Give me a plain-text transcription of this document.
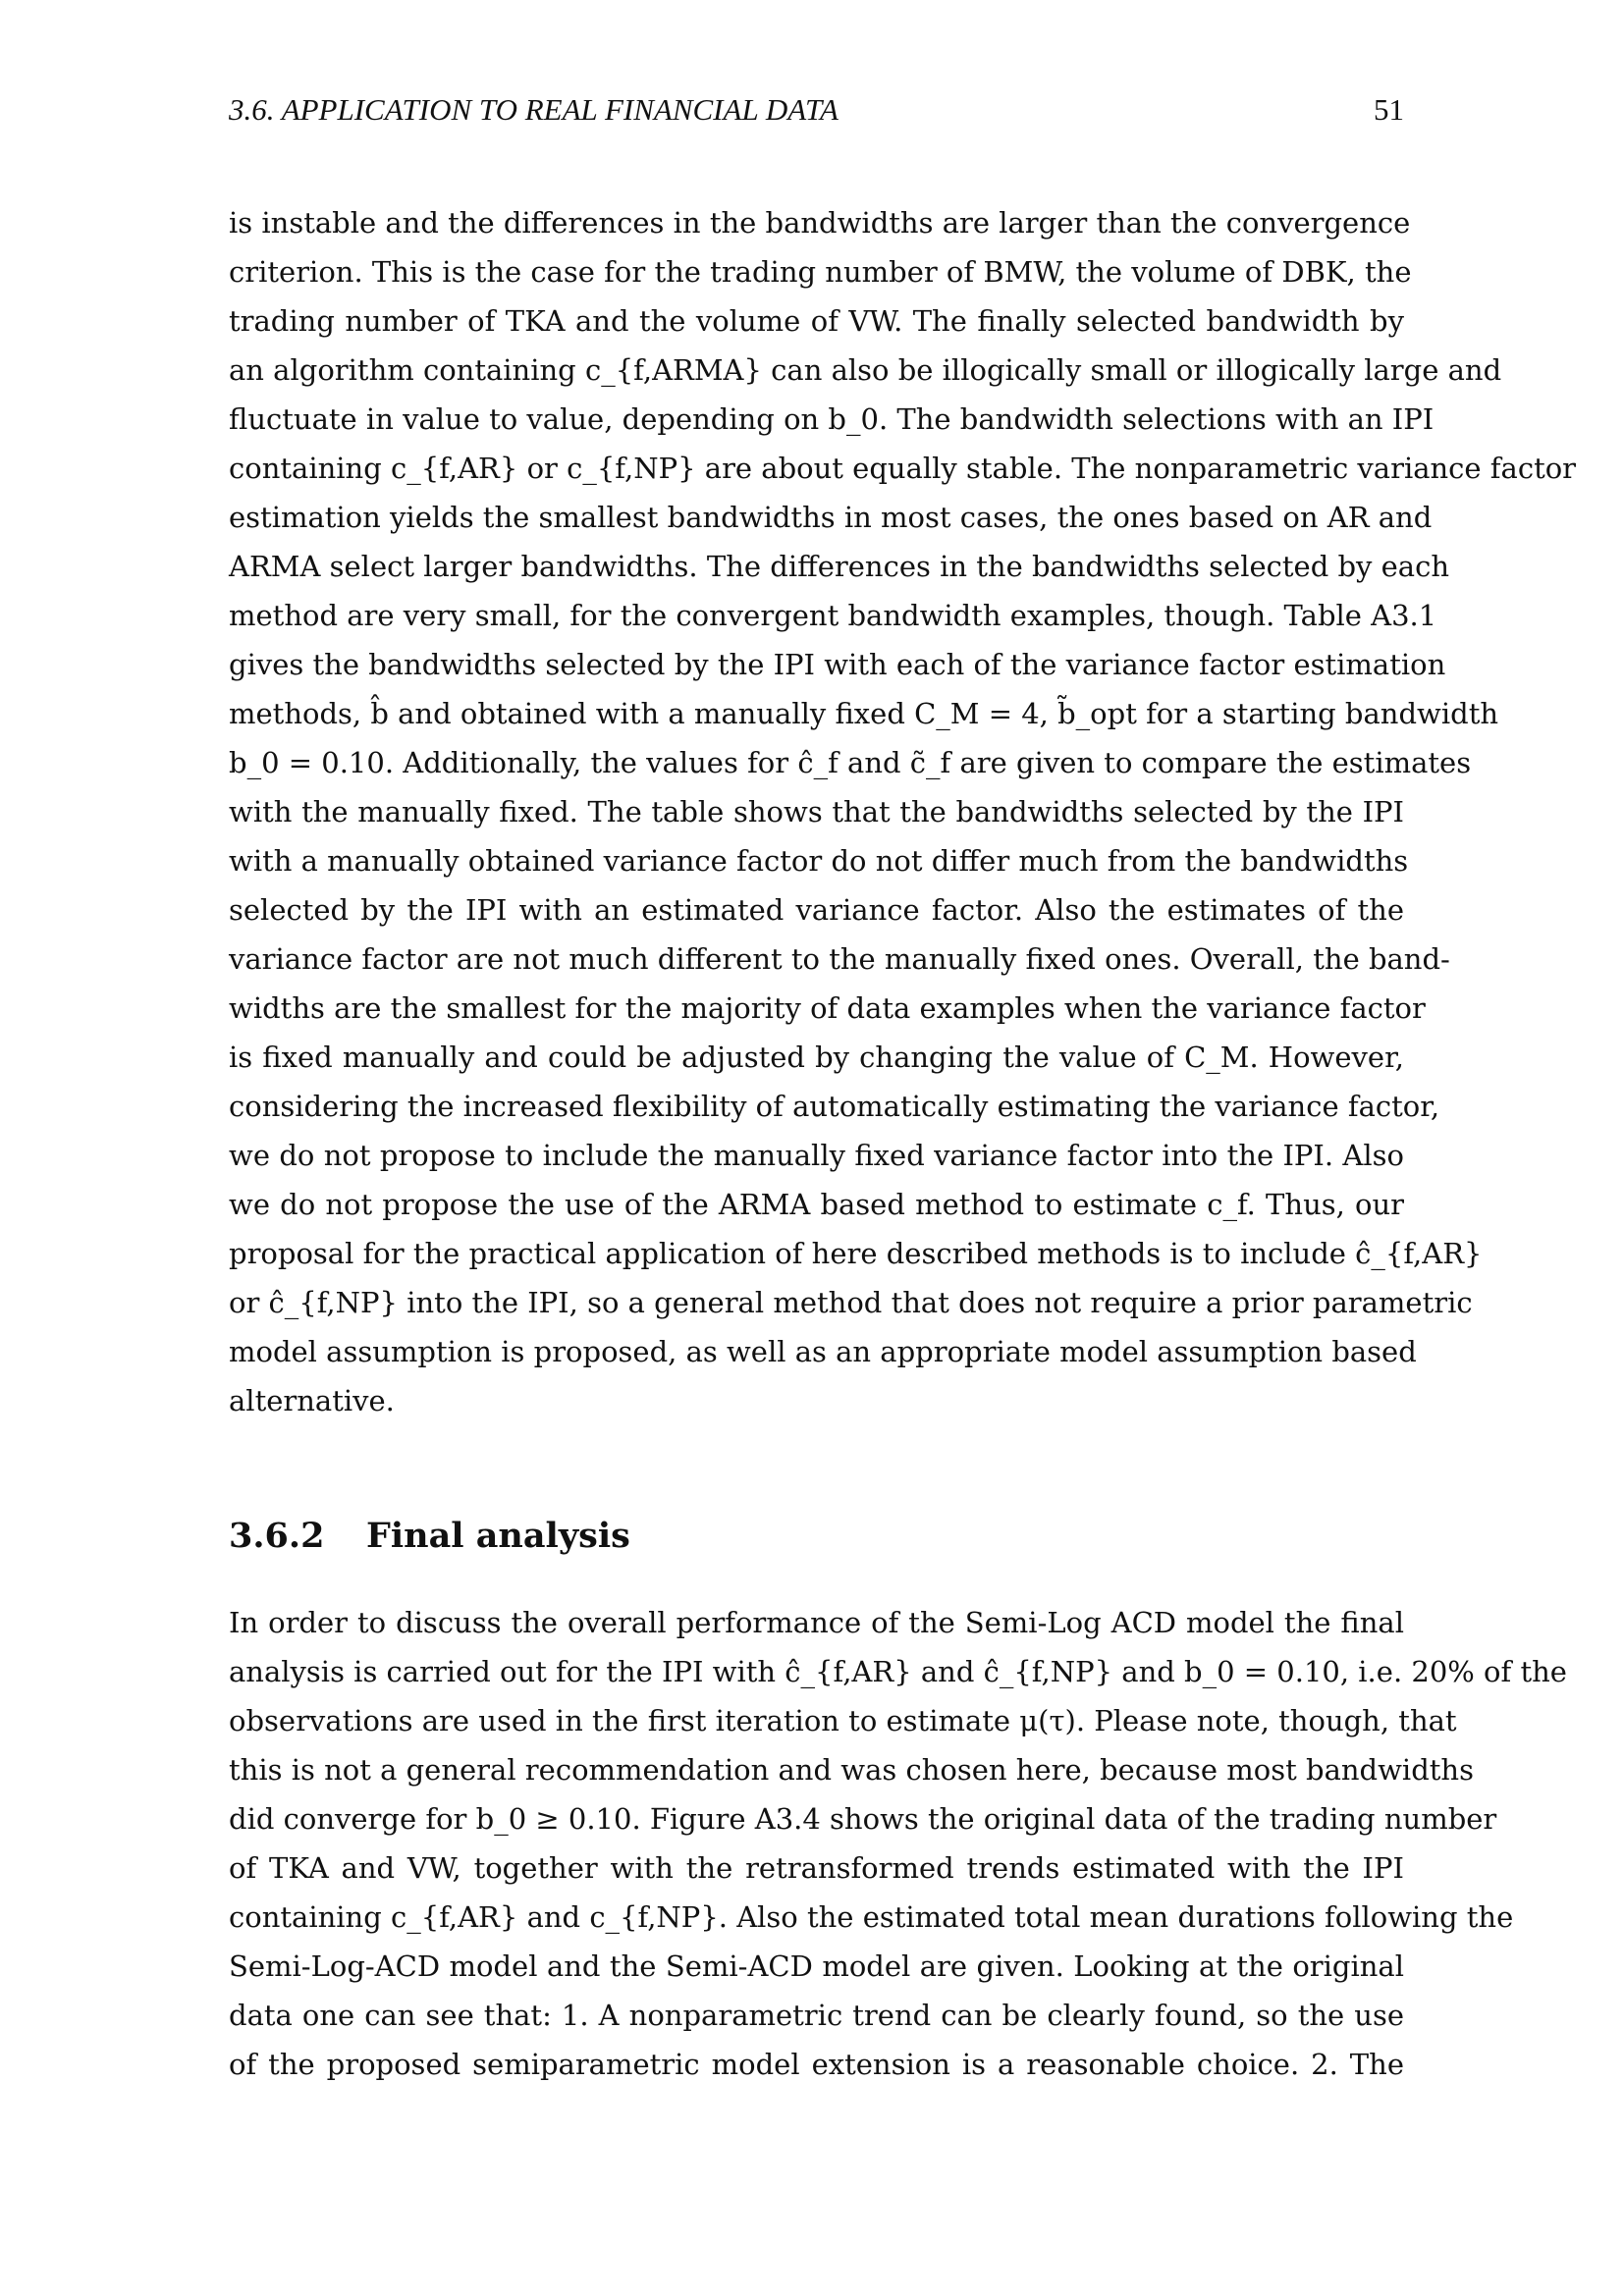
3.6. APPLICATION TO REAL FINANCIAL DATA	51
is instable and the differences in the bandwidths are larger than the convergence
criterion. This is the case for the trading number of BMW, the volume of DBK, the
trading number of TKA and the volume of VW. The finally selected bandwidth by
an algorithm containing c_{f,ARMA} can also be illogically small or illogically large and
fluctuate in value to value, depending on b_0. The bandwidth selections with an IPI
containing c_{f,AR} or c_{f,NP} are about equally stable. The nonparametric variance factor
estimation yields the smallest bandwidths in most cases, the ones based on AR and
ARMA select larger bandwidths. The differences in the bandwidths selected by each
method are very small, for the convergent bandwidth examples, though. Table A3.1
gives the bandwidths selected by the IPI with each of the variance factor estimation
methods, b̂ and obtained with a manually fixed C_M = 4, b̃_opt for a starting bandwidth
b_0 = 0.10. Additionally, the values for ĉ_f and c̃_f are given to compare the estimates
with the manually fixed. The table shows that the bandwidths selected by the IPI
with a manually obtained variance factor do not differ much from the bandwidths
selected by the IPI with an estimated variance factor. Also the estimates of the
variance factor are not much different to the manually fixed ones. Overall, the band-
widths are the smallest for the majority of data examples when the variance factor
is fixed manually and could be adjusted by changing the value of C_M. However,
considering the increased flexibility of automatically estimating the variance factor,
we do not propose to include the manually fixed variance factor into the IPI. Also
we do not propose the use of the ARMA based method to estimate c_f. Thus, our
proposal for the practical application of here described methods is to include ĉ_{f,AR}
or ĉ_{f,NP} into the IPI, so a general method that does not require a prior parametric
model assumption is proposed, as well as an appropriate model assumption based
alternative.
3.6.2 Final analysis
In order to discuss the overall performance of the Semi-Log ACD model the final
analysis is carried out for the IPI with ĉ_{f,AR} and ĉ_{f,NP} and b_0 = 0.10, i.e. 20% of the
observations are used in the first iteration to estimate μ(τ). Please note, though, that
this is not a general recommendation and was chosen here, because most bandwidths
did converge for b_0 ≥ 0.10. Figure A3.4 shows the original data of the trading number
of TKA and VW, together with the retransformed trends estimated with the IPI
containing c_{f,AR} and c_{f,NP}. Also the estimated total mean durations following the
Semi-Log-ACD model and the Semi-ACD model are given. Looking at the original
data one can see that: 1. A nonparametric trend can be clearly found, so the use
of the proposed semiparametric model extension is a reasonable choice. 2. The
